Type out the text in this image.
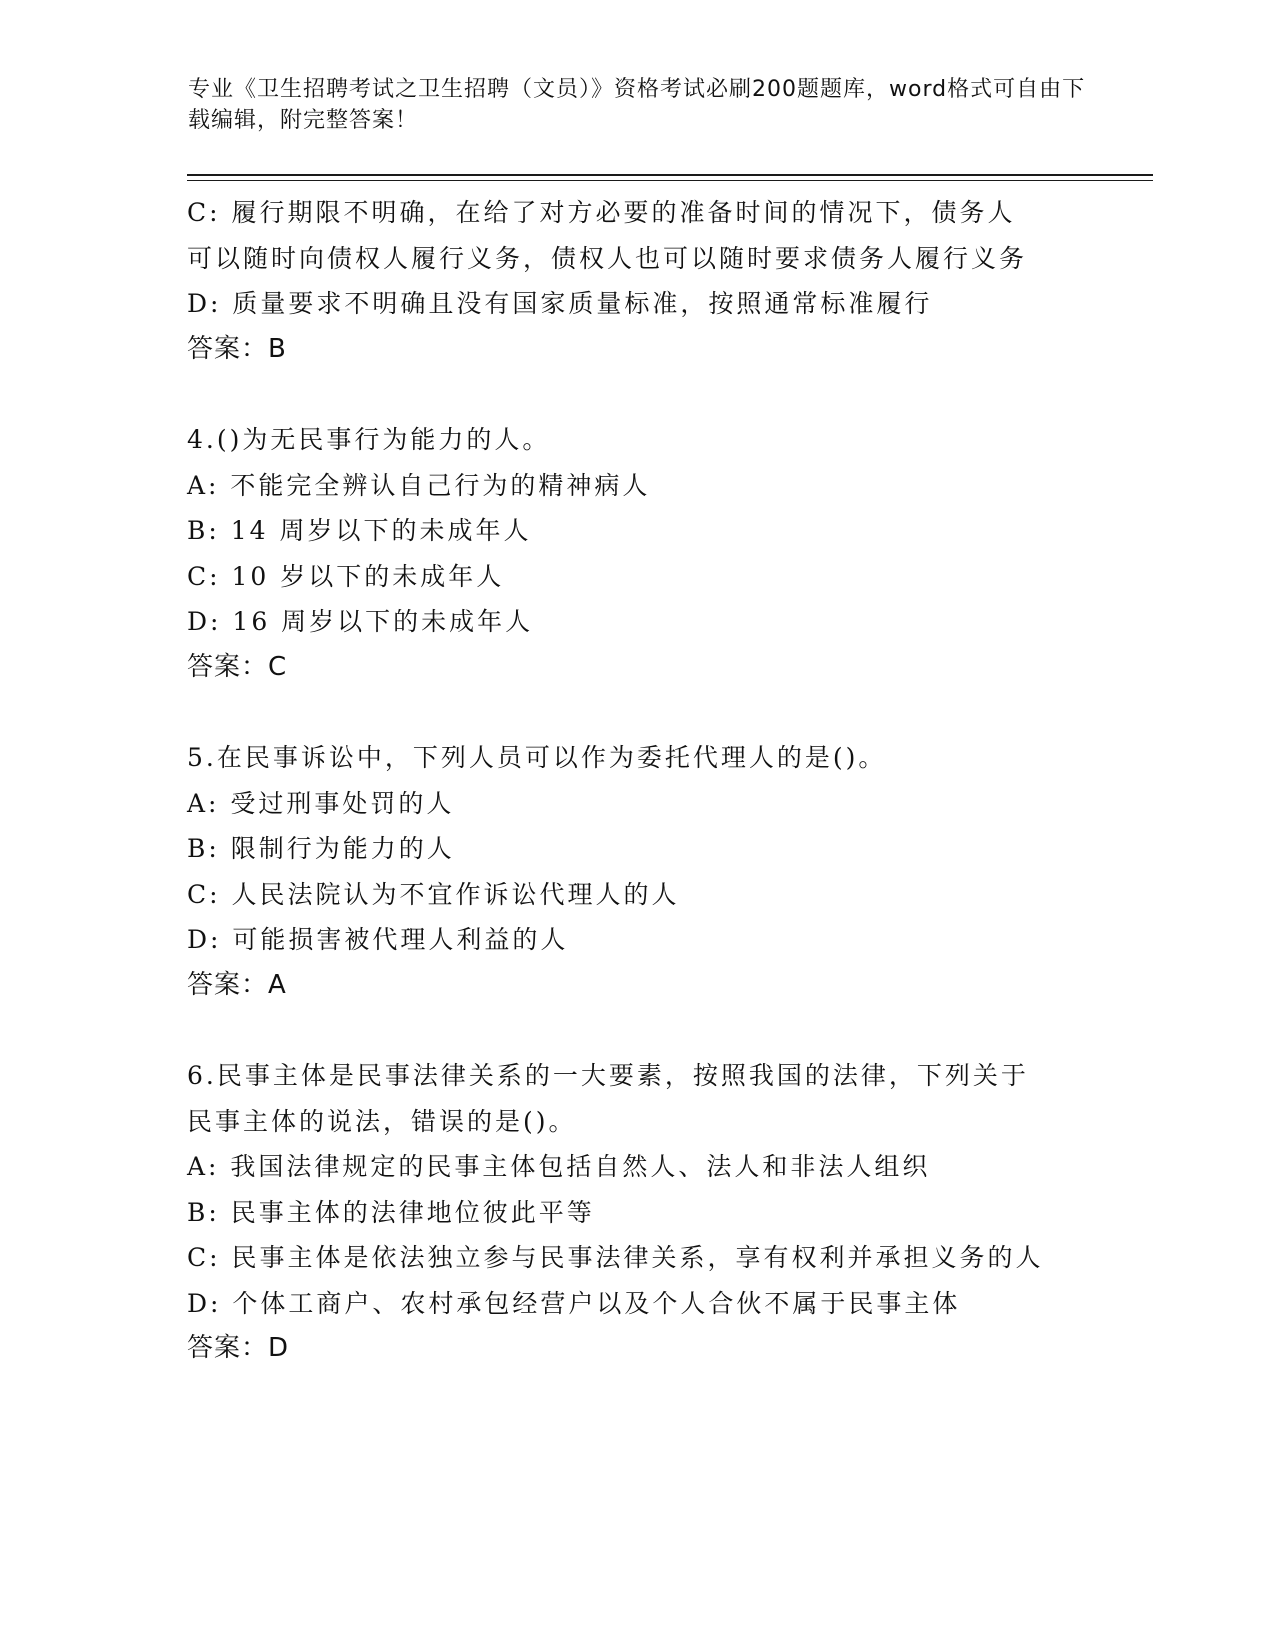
专业《卫生招聘考试之卫生招聘（文员）》资格考试必刷200题题库，word格式可自由下载编辑，附完整答案！
C: 履行期限不明确，在给了对方必要的准备时间的情况下，债务人可以随时向债权人履行义务，债权人也可以随时要求债务人履行义务
D: 质量要求不明确且没有国家质量标准，按照通常标准履行
答案：B
4.()为无民事行为能力的人。
A: 不能完全辨认自己行为的精神病人
B: 14 周岁以下的未成年人
C: 10 岁以下的未成年人
D: 16 周岁以下的未成年人
答案：C
5.在民事诉讼中，下列人员可以作为委托代理人的是()。
A: 受过刑事处罚的人
B: 限制行为能力的人
C: 人民法院认为不宜作诉讼代理人的人
D: 可能损害被代理人利益的人
答案：A
6.民事主体是民事法律关系的一大要素，按照我国的法律，下列关于民事主体的说法，错误的是()。
A: 我国法律规定的民事主体包括自然人、法人和非法人组织
B: 民事主体的法律地位彼此平等
C: 民事主体是依法独立参与民事法律关系，享有权利并承担义务的人
D: 个体工商户、农村承包经营户以及个人合伙不属于民事主体
答案：D
